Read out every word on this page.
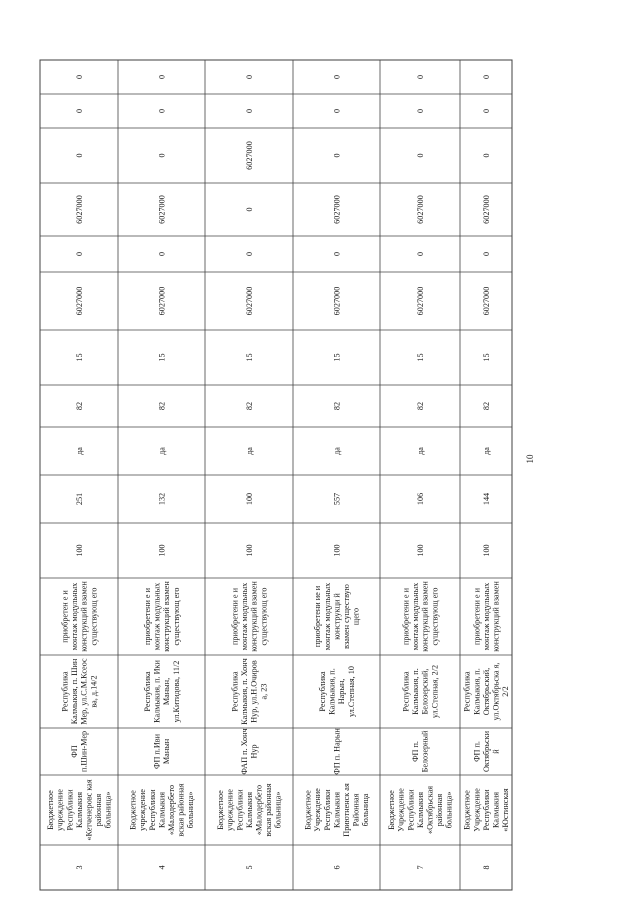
0
0
0
6027000
0
6027000
15
82
да
251
100
приобретен е имонтаж модульныхконструкций взаменсуществующ его
РеспубликаКалмыкия, п. ШинМер, ул.С.М.Ксеосва, д.14/2
ФПп.Шин-Мер
БюджетноеучреждениеРеспубликиКалмыкия«Кетченеровс каярайоннаябольница»
3
0
0
0
6027000
0
6027000
15
82
да
132
100
приобретени е имонтаж модульныхконструкций взаменсуществующ его
РеспубликаКалмыкия, п. ИкиМанын,ул.Китидова, 11/2
ФП п.ИвиМанын
БюджетноеучреждениеРеспубликиКалмыкия«Малодербетовская районнаябольница»
4
0
0
6027000
0
0
6027000
15
82
да
100
100
приобретени е имонтаж модульныхконструкций взаменсуществующ его
РеспубликаКалмыкия, п. ХончНур, ул.Н.Очирова, 23
ФАП п. ХончНур
БюджетноеучреждениеРеспубликиКалмыкия«Малодербетовская районнаябольница»
5
0
0
0
6027000
0
6027000
15
82
да
557
100
приобретени ие имонтаж модульныхконструкци йвзамен существующего
РеспубликаКалмыкия, п.Нарын,ул.Степная, 10
ФП п. Нарын
БюджетноеУчреждениеРеспубликиКалмыкияПриютненск аяРайоннаябольница
6
0
0
0
6027000
0
6027000
15
82
да
106
100
приобретени е имонтаж модульныхконструкций взаменсуществующ его
РеспубликаКалмыкия, п.Белозерский,ул.Степная, 2/2
ФП п.Белозерный
БюджетноеУчреждениеРеспубликиКалмыкия«Октябрьскаярайоннаябольница»
7
0
0
0
6027000
0
6027000
15
82
да
144
100
приобретени е имонтаж модульныхконструкций взамен
РеспубликаКалмыкия, п.Октябрьский,ул.Октябрьска я,2/2
ФП п.Октябрьский
БюджетноеУчреждениеРеспубликиКалмыкия«Юстинская
8
10
